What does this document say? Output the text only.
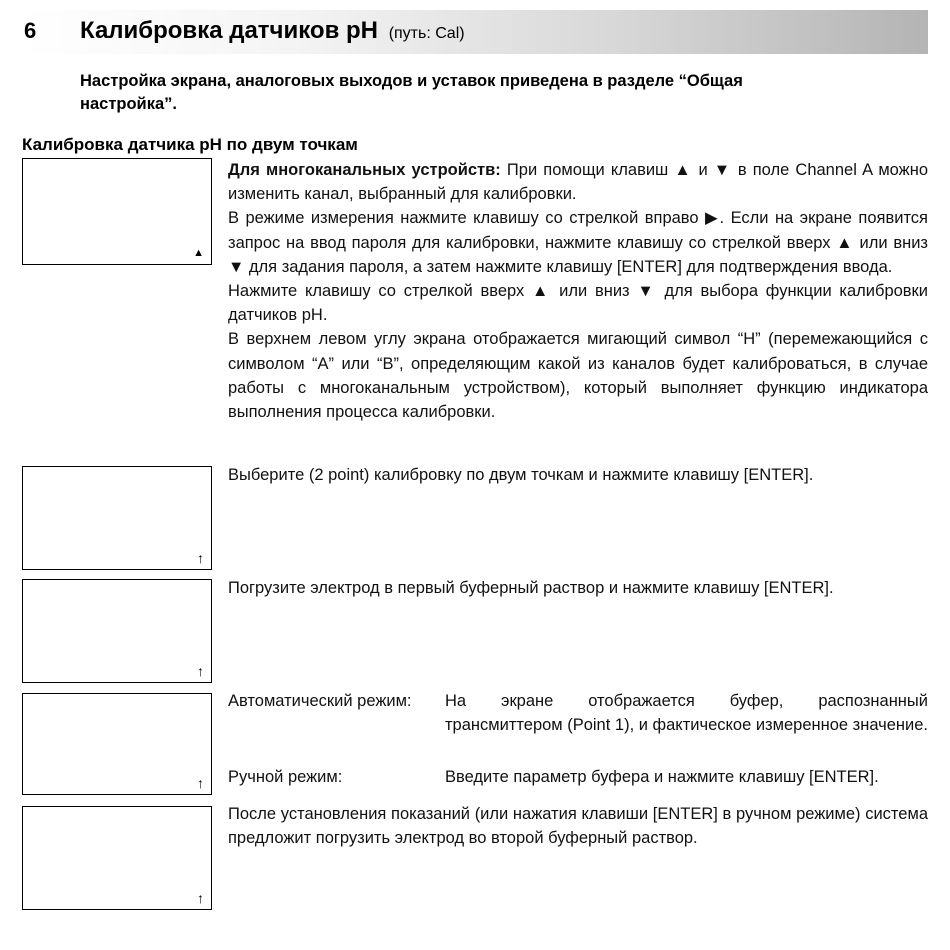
6 Калибровка датчиков pH (путь: Cal)
Настройка экрана, аналоговых выходов и уставок приведена в разделе “Общая настройка”.
Калибровка датчика pH по двум точкам
▲

Для многоканальных устройств: При помощи клавиш ▲ и ▼ в поле Channel A можно изменить канал, выбранный для калибровки.

В режиме измерения нажмите клавишу со стрелкой вправо ▶. Если на экране появится запрос на ввод пароля для калибровки, нажмите клавишу со стрелкой вверх ▲ или вниз ▼ для задания пароля, а затем нажмите клавишу [ENTER] для подтверждения ввода.

Нажмите клавишу со стрелкой вверх ▲ или вниз ▼ для выбора функции калибровки датчиков pH.

В верхнем левом углу экрана отображается мигающий символ “H” (перемежающийся с символом “A” или “B”, определяющим какой из каналов будет калиброваться, в случае работы с многоканальным устройством), который выполняет функцию индикатора выполнения процесса калибровки.

↑

Выберите (2 point) калибровку по двум точкам и нажмите клавишу [ENTER].

↑

Погрузите электрод в первый буферный раствор и нажмите клавишу [ENTER].

↑
Автоматический режим: На экране отображается буфер, распознанный трансмиттером (Point 1), и фактическое измеренное значение.
Ручной режим:	Введите параметр буфера и нажмите клавишу [ENTER].
↑

После установления показаний (или нажатия клавиши [ENTER] в ручном режиме) система предложит погрузить электрод во второй буферный раствор.
